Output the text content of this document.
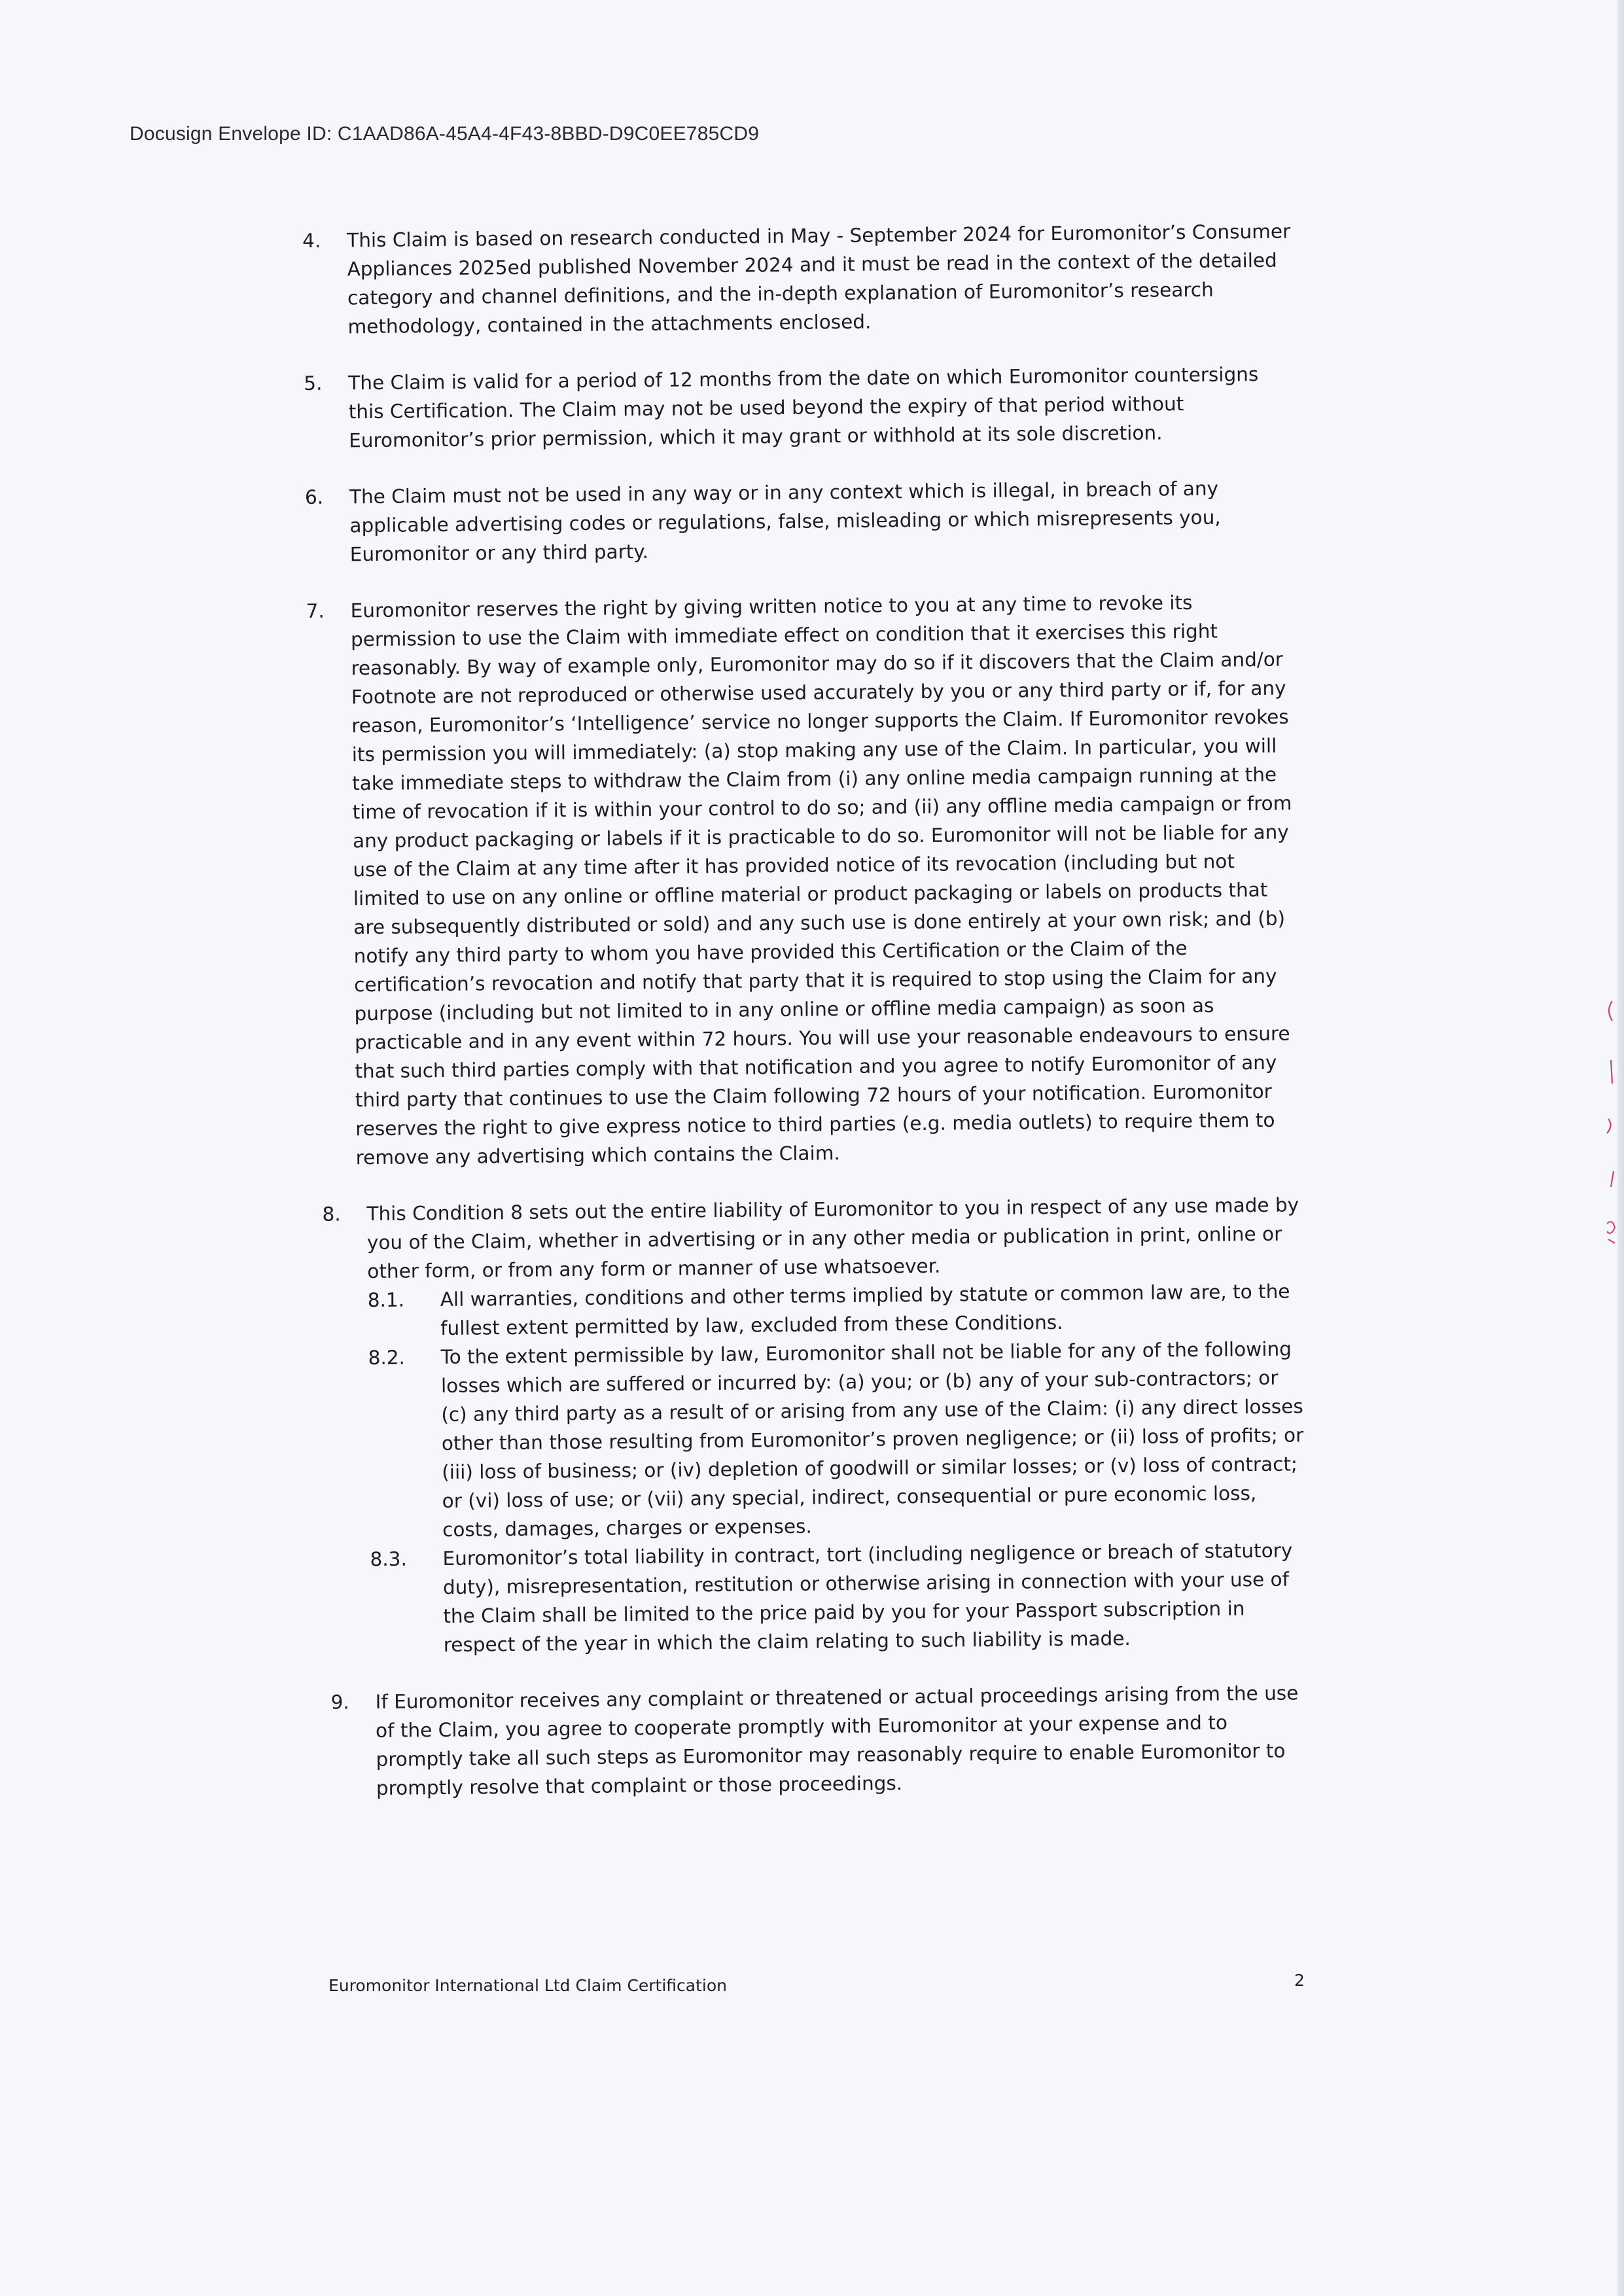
Docusign Envelope ID: C1AAD86A-45A4-4F43-8BBD-D9C0EE785CD9
4. This Claim is based on research conducted in May - September 2024 for Euromonitor’s Consumer Appliances 2025ed published November 2024 and it must be read in the context of the detailed category and channel definitions, and the in-depth explanation of Euromonitor’s research methodology, contained in the attachments enclosed.
5. The Claim is valid for a period of 12 months from the date on which Euromonitor countersigns this Certification. The Claim may not be used beyond the expiry of that period without Euromonitor’s prior permission, which it may grant or withhold at its sole discretion.
6. The Claim must not be used in any way or in any context which is illegal, in breach of any applicable advertising codes or regulations, false, misleading or which misrepresents you, Euromonitor or any third party.
7. Euromonitor reserves the right by giving written notice to you at any time to revoke its permission to use the Claim with immediate effect on condition that it exercises this right reasonably. By way of example only, Euromonitor may do so if it discovers that the Claim and/or Footnote are not reproduced or otherwise used accurately by you or any third party or if, for any reason, Euromonitor’s ‘Intelligence’ service no longer supports the Claim. If Euromonitor revokes its permission you will immediately: (a) stop making any use of the Claim. In particular, you will take immediate steps to withdraw the Claim from (i) any online media campaign running at the time of revocation if it is within your control to do so; and (ii) any offline media campaign or from any product packaging or labels if it is practicable to do so. Euromonitor will not be liable for any use of the Claim at any time after it has provided notice of its revocation (including but not limited to use on any online or offline material or product packaging or labels on products that are subsequently distributed or sold) and any such use is done entirely at your own risk; and (b) notify any third party to whom you have provided this Certification or the Claim of the certification’s revocation and notify that party that it is required to stop using the Claim for any purpose (including but not limited to in any online or offline media campaign) as soon as practicable and in any event within 72 hours. You will use your reasonable endeavours to ensure that such third parties comply with that notification and you agree to notify Euromonitor of any third party that continues to use the Claim following 72 hours of your notification. Euromonitor reserves the right to give express notice to third parties (e.g. media outlets) to require them to remove any advertising which contains the Claim.
8. This Condition 8 sets out the entire liability of Euromonitor to you in respect of any use made by you of the Claim, whether in advertising or in any other media or publication in print, online or other form, or from any form or manner of use whatsoever.
8.1. All warranties, conditions and other terms implied by statute or common law are, to the fullest extent permitted by law, excluded from these Conditions.
8.2. To the extent permissible by law, Euromonitor shall not be liable for any of the following losses which are suffered or incurred by: (a) you; or (b) any of your sub-contractors; or (c) any third party as a result of or arising from any use of the Claim: (i) any direct losses other than those resulting from Euromonitor’s proven negligence; or (ii) loss of profits; or (iii) loss of business; or (iv) depletion of goodwill or similar losses; or (v) loss of contract; or (vi) loss of use; or (vii) any special, indirect, consequential or pure economic loss, costs, damages, charges or expenses.
8.3. Euromonitor’s total liability in contract, tort (including negligence or breach of statutory duty), misrepresentation, restitution or otherwise arising in connection with your use of the Claim shall be limited to the price paid by you for your Passport subscription in respect of the year in which the claim relating to such liability is made.
9. If Euromonitor receives any complaint or threatened or actual proceedings arising from the use of the Claim, you agree to cooperate promptly with Euromonitor at your expense and to promptly take all such steps as Euromonitor may reasonably require to enable Euromonitor to promptly resolve that complaint or those proceedings.
Euromonitor International Ltd Claim Certification	2
